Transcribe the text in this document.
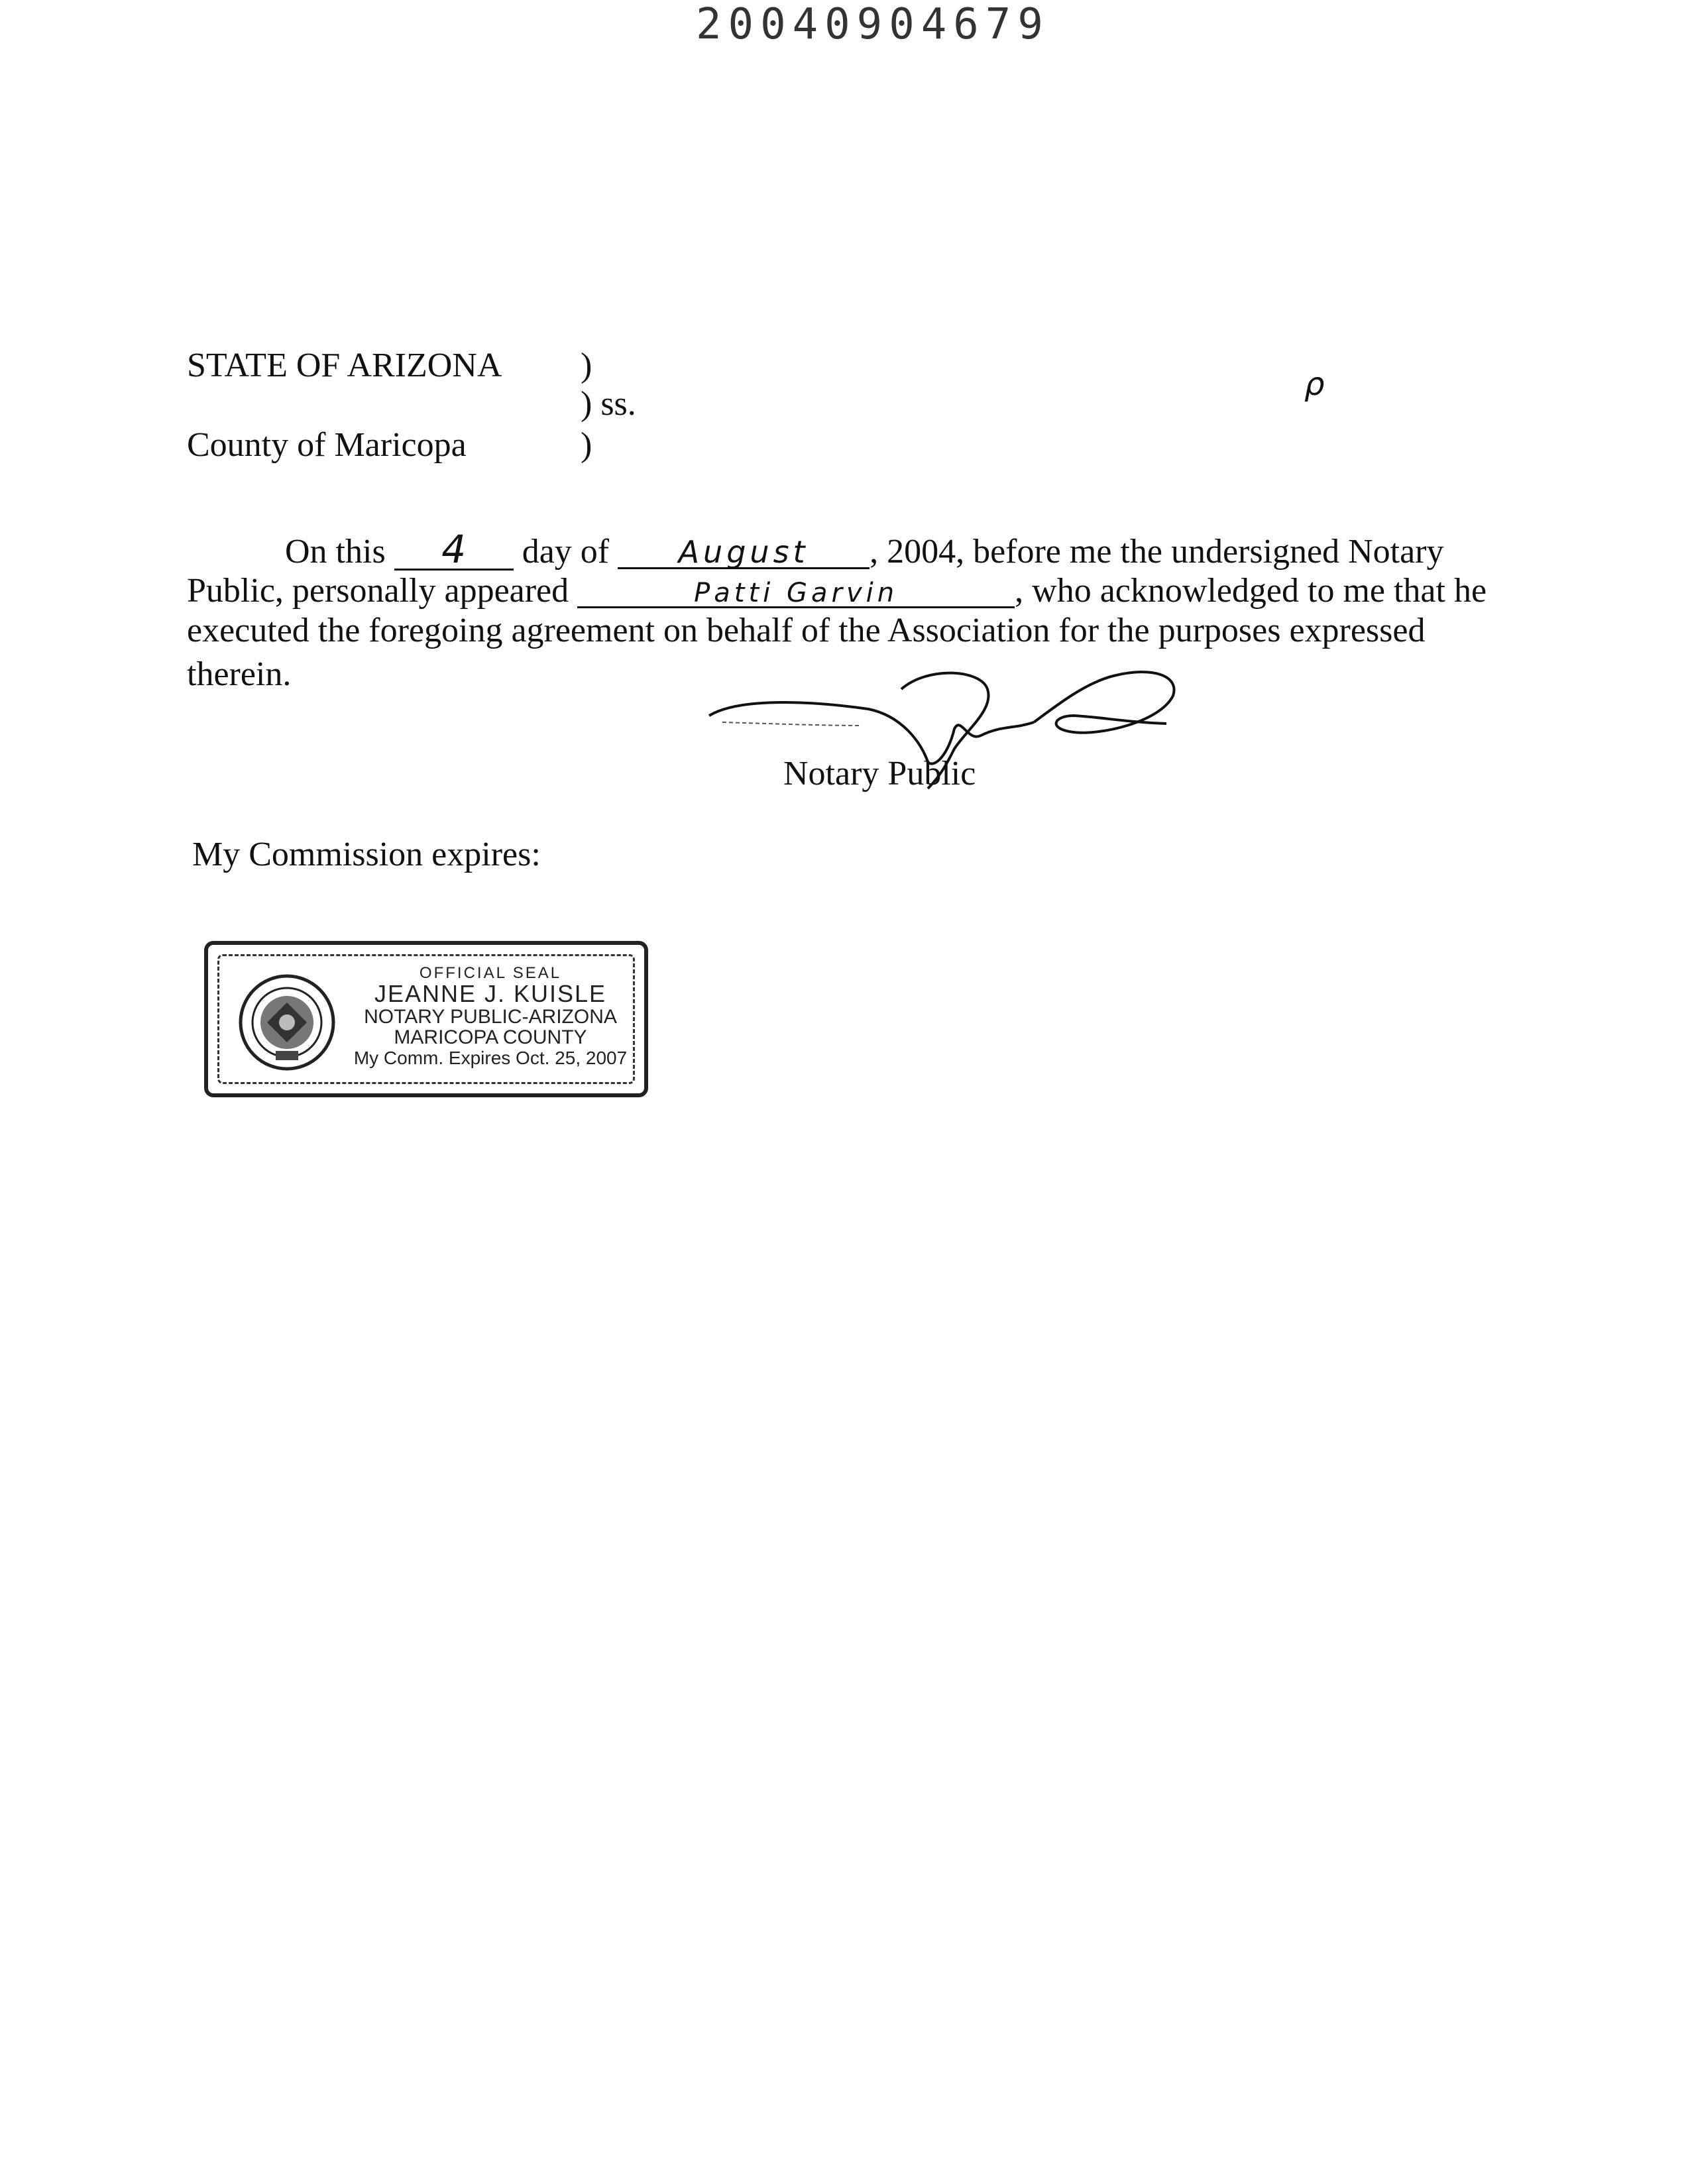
20040904679
STATE OF ARIZONA )
) ss.
County of Maricopa	)
ρ
On this 4 day of August , 2004, before me the undersigned Notary
Public, personally appeared	Patti Garvin	, who acknowledged to me that he
executed the foregoing agreement on behalf of the Association for the purposes expressed
therein.
Notary Public
My Commission expires:
OFFICIAL SEAL
JEANNE J. KUISLE
NOTARY PUBLIC-ARIZONA
MARICOPA COUNTY
My Comm. Expires Oct. 25, 2007
